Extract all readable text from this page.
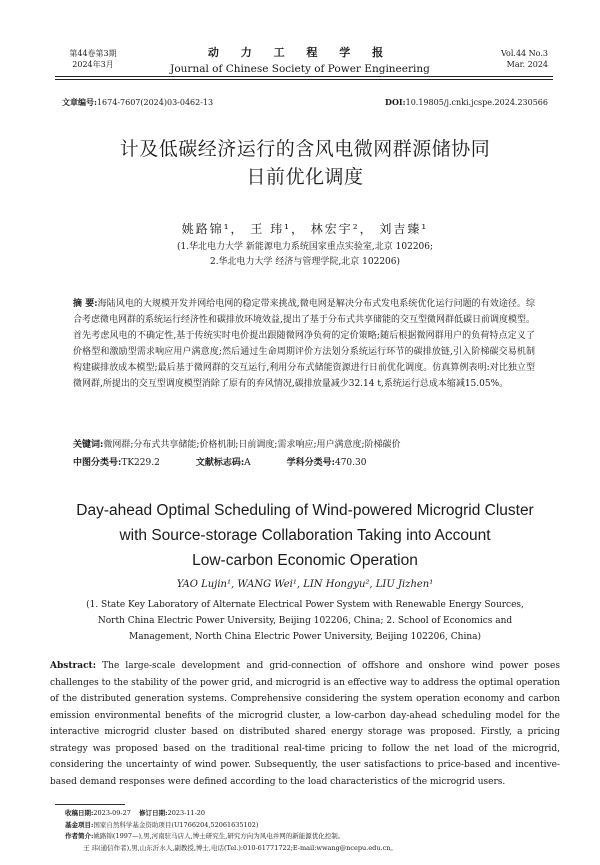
第44卷第3期
2024年3月
动 力 工 程 学 报
Journal of Chinese Society of Power Engineering
Vol.44 No.3
Mar. 2024
文章编号:1674-7607(2024)03-0462-13	DOI:10.19805/j.cnki.jcspe.2024.230566
计及低碳经济运行的含风电微网群源储协同
日前优化调度
姚路锦¹， 王 玮¹， 林宏宇²， 刘吉臻¹
(1.华北电力大学 新能源电力系统国家重点实验室,北京 102206;
2.华北电力大学 经济与管理学院,北京 102206)
摘 要:海陆风电的大规模开发并网给电网的稳定带来挑战,微电网是解决分布式发电系统优化运行问题的有效途径。综合考虑微电网群的系统运行经济性和碳排放环境效益,提出了基于分布式共享储能的交互型微网群低碳日前调度模型。首先考虑风电的不确定性,基于传统实时电价提出跟随微网净负荷的定价策略;随后根据微网群用户的负荷特点定义了价格型和激励型需求响应用户满意度;然后通过生命周期评价方法划分系统运行环节的碳排放链,引入阶梯碳交易机制构建碳排放成本模型;最后基于微网群的交互运行,利用分布式储能资源进行日前优化调度。仿真算例表明:对比独立型微网群,所提出的交互型调度模型消除了原有的弃风情况,碳排放量减少32.14 t,系统运行总成本缩减15.05%。
关键词:微网群;分布式共享储能;价格机制;日前调度;需求响应;用户满意度;阶梯碳价
中图分类号:TK229.2	文献标志码:A	学科分类号:470.30
Day-ahead Optimal Scheduling of Wind-powered Microgrid Cluster
with Source-storage Collaboration Taking into Account
Low-carbon Economic Operation
YAO Lujin¹, WANG Wei¹, LIN Hongyu², LIU Jizhen¹
(1. State Key Laboratory of Alternate Electrical Power System with Renewable Energy Sources,
North China Electric Power University, Beijing 102206, China; 2. School of Economics and
Management, North China Electric Power University, Beijing 102206, China)
Abstract: The large-scale development and grid-connection of offshore and onshore wind power poses challenges to the stability of the power grid, and microgrid is an effective way to address the optimal operation of the distributed generation systems. Comprehensive considering the system operation economy and carbon emission environmental benefits of the microgrid cluster, a low-carbon day-ahead scheduling model for the interactive microgrid cluster based on distributed shared energy storage was proposed. Firstly, a pricing strategy was proposed based on the traditional real-time pricing to follow the net load of the microgrid, considering the uncertainty of wind power. Subsequently, the user satisfactions to price-based and incentive-based demand responses were defined according to the load characteristics of the microgrid users.
收稿日期:2023-09-27 修订日期:2023-11-20
基金项目:国家自然科学基金资助项目(U1766204,52061635102)
作者简介:姚路锦(1997—),男,河南驻马店人,博士研究生,研究方向为风电并网的新能源优化控制。
王 玮(通信作者),男,山东沂水人,副教授,博士,电话(Tel.):010-61771722;E-mail:wwang@ncepu.edu.cn。
